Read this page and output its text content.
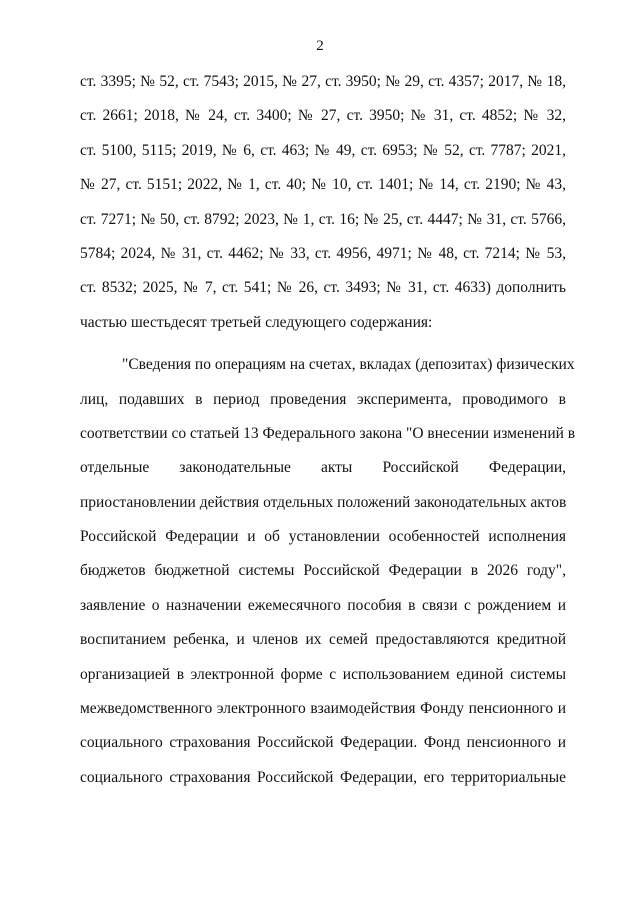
2
ст. 3395; № 52, ст. 7543; 2015, № 27, ст. 3950; № 29, ст. 4357; 2017, № 18,
ст. 2661; 2018, № 24, ст. 3400; № 27, ст. 3950; № 31, ст. 4852; № 32,
ст. 5100, 5115; 2019, № 6, ст. 463; № 49, ст. 6953; № 52, ст. 7787; 2021,
№ 27, ст. 5151; 2022, № 1, ст. 40; № 10, ст. 1401; № 14, ст. 2190; № 43,
ст. 7271; № 50, ст. 8792; 2023, № 1, ст. 16; № 25, ст. 4447; № 31, ст. 5766,
5784; 2024, № 31, ст. 4462; № 33, ст. 4956, 4971; № 48, ст. 7214; № 53,
ст. 8532; 2025, № 7, ст. 541; № 26, ст. 3493; № 31, ст. 4633) дополнить
частью шестьдесят третьей следующего содержания:
"Сведения по операциям на счетах, вкладах (депозитах) физических
лиц, подавших в период проведения эксперимента, проводимого в
соответствии со статьей 13 Федерального закона "О внесении изменений в
отдельные законодательные акты Российской Федерации,
приостановлении действия отдельных положений законодательных актов
Российской Федерации и об установлении особенностей исполнения
бюджетов бюджетной системы Российской Федерации в 2026 году",
заявление о назначении ежемесячного пособия в связи с рождением и
воспитанием ребенка, и членов их семей предоставляются кредитной
организацией в электронной форме с использованием единой системы
межведомственного электронного взаимодействия Фонду пенсионного и
социального страхования Российской Федерации. Фонд пенсионного и
социального страхования Российской Федерации, его территориальные
